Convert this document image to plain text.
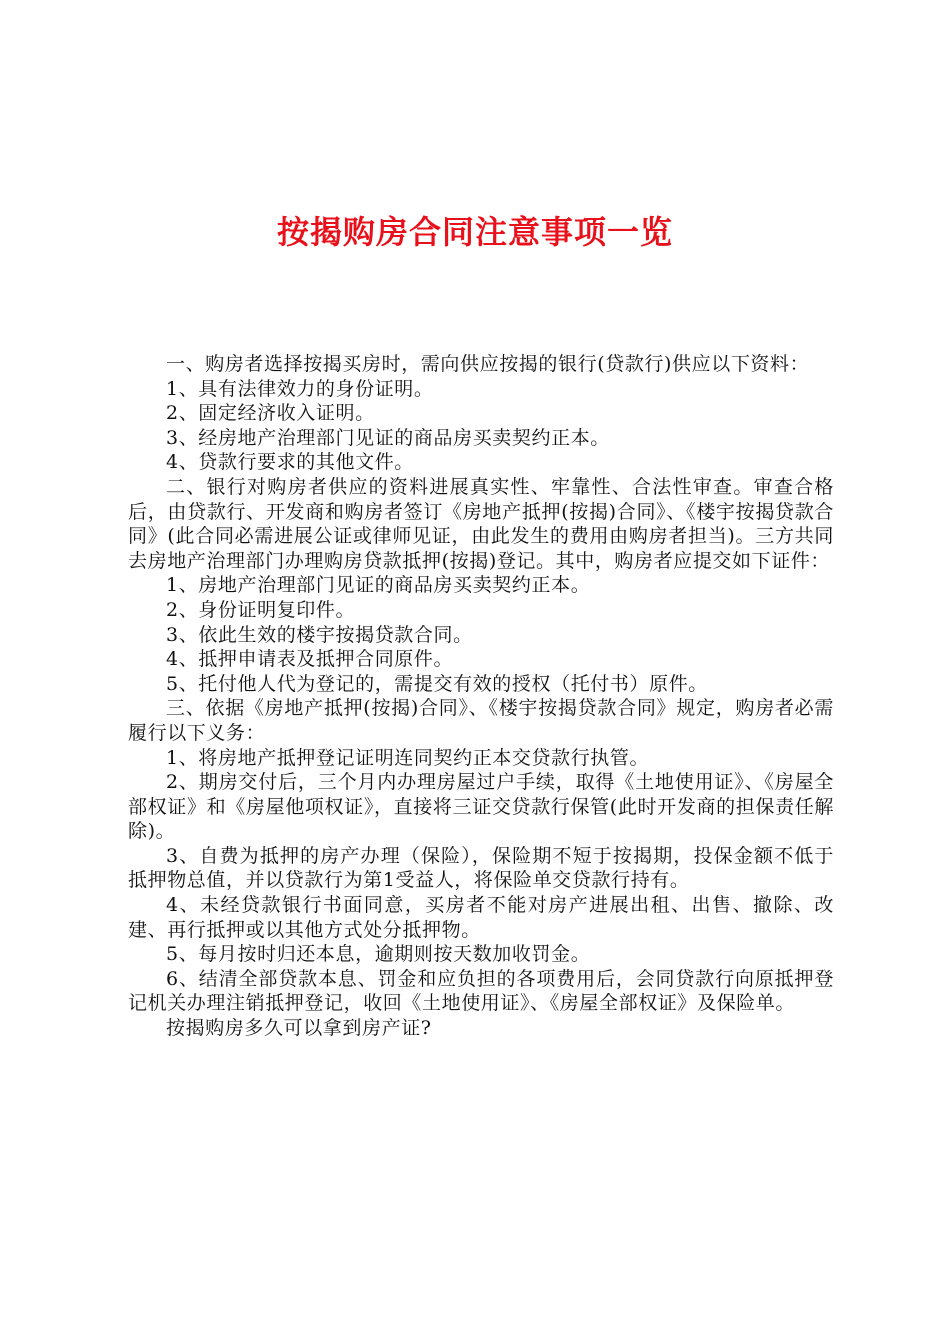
按揭购房合同注意事项一览

一、购房者选择按揭买房时，需向供应按揭的银行(贷款行)供应以下资料：

1、具有法律效力的身份证明。

2、固定经济收入证明。

3、经房地产治理部门见证的商品房买卖契约正本。

4、贷款行要求的其他文件。

二、银行对购房者供应的资料进展真实性、牢靠性、合法性审查。审查合格后，由贷款行、开发商和购房者签订《房地产抵押(按揭)合同》、《楼宇按揭贷款合同》(此合同必需进展公证或律师见证，由此发生的费用由购房者担当)。三方共同去房地产治理部门办理购房贷款抵押(按揭)登记。其中，购房者应提交如下证件：

1、房地产治理部门见证的商品房买卖契约正本。

2、身份证明复印件。

3、依此生效的楼宇按揭贷款合同。

4、抵押申请表及抵押合同原件。

5、托付他人代为登记的，需提交有效的授权（托付书）原件。

三、依据《房地产抵押(按揭)合同》、《楼宇按揭贷款合同》规定，购房者必需履行以下义务：

1、将房地产抵押登记证明连同契约正本交贷款行执管。

2、期房交付后，三个月内办理房屋过户手续，取得《土地使用证》、《房屋全部权证》和《房屋他项权证》，直接将三证交贷款行保管(此时开发商的担保责任解除)。

3、自费为抵押的房产办理（保险），保险期不短于按揭期，投保金额不低于抵押物总值，并以贷款行为第1受益人，将保险单交贷款行持有。

4、未经贷款银行书面同意，买房者不能对房产进展出租、出售、撤除、改建、再行抵押或以其他方式处分抵押物。

5、每月按时归还本息，逾期则按天数加收罚金。

6、结清全部贷款本息、罚金和应负担的各项费用后，会同贷款行向原抵押登记机关办理注销抵押登记，收回《土地使用证》、《房屋全部权证》及保险单。

按揭购房多久可以拿到房产证?
